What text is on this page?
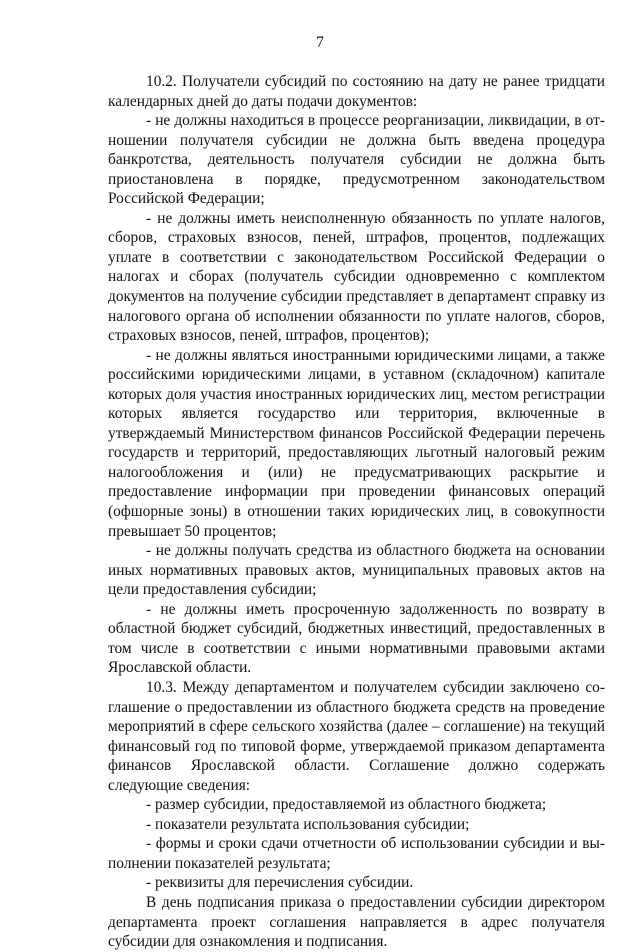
7

10.2. Получатели субсидий по состоянию на дату не ранее тридцати календарных дней до даты подачи документов:

- не должны находиться в процессе реорганизации, ликвидации, в отношении получателя субсидии не должна быть введена процедура банкротства, деятельность получателя субсидии не должна быть приостановлена в порядке, предусмотренном законодательством Российской Федерации;

- не должны иметь неисполненную обязанность по уплате налогов, сборов, страховых взносов, пеней, штрафов, процентов, подлежащих уплате в соответствии с законодательством Российской Федерации о налогах и сборах (получатель субсидии одновременно с комплектом документов на получение субсидии представляет в департамент справку из налогового органа об исполнении обязанности по уплате налогов, сборов, страховых взносов, пеней, штрафов, процентов);

- не должны являться иностранными юридическими лицами, а также российскими юридическими лицами, в уставном (складочном) капитале которых доля участия иностранных юридических лиц, местом регистрации которых является государство или территория, включенные в утверждаемый Министерством финансов Российской Федерации перечень государств и территорий, предоставляющих льготный налоговый режим налогообложения и (или) не предусматривающих раскрытие и предоставление информации при проведении финансовых операций (офшорные зоны) в отношении таких юридических лиц, в совокупности превышает 50 процентов;

- не должны получать средства из областного бюджета на основании иных нормативных правовых актов, муниципальных правовых актов на цели предоставления субсидии;

- не должны иметь просроченную задолженность по возврату в областной бюджет субсидий, бюджетных инвестиций, предоставленных в том числе в соответствии с иными нормативными правовыми актами Ярославской области.

10.3. Между департаментом и получателем субсидии заключено соглашение о предоставлении из областного бюджета средств на проведение мероприятий в сфере сельского хозяйства (далее – соглашение) на текущий финансовый год по типовой форме, утверждаемой приказом департамента финансов Ярославской области. Соглашение должно содержать следующие сведения:

- размер субсидии, предоставляемой из областного бюджета;

- показатели результата использования субсидии;

- формы и сроки сдачи отчетности об использовании субсидии и выполнении показателей результата;

- реквизиты для перечисления субсидии.

В день подписания приказа о предоставлении субсидии директором департамента проект соглашения направляется в адрес получателя субсидии для ознакомления и подписания.
